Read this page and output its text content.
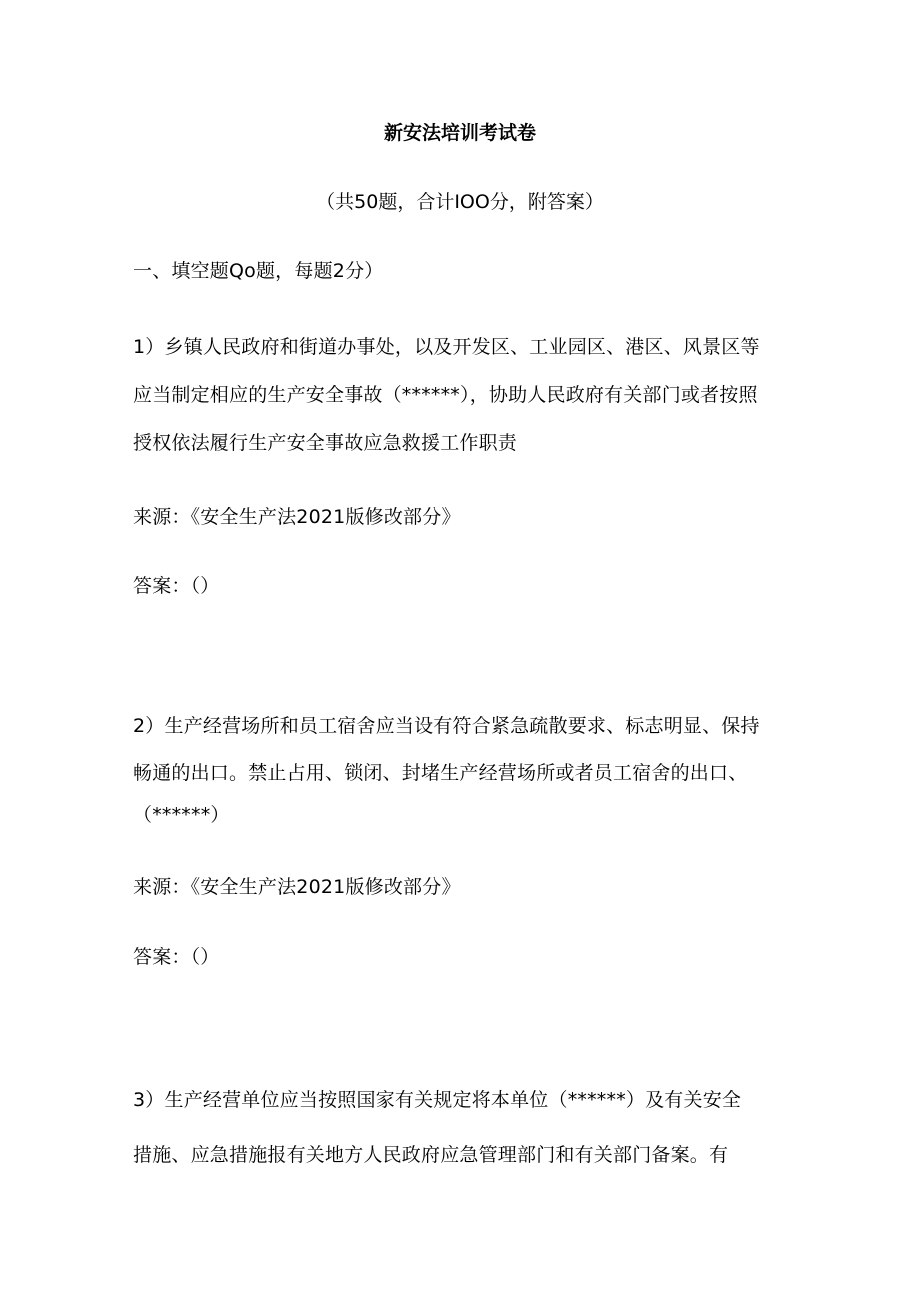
新安法培训考试卷
（共50题，合计IOO分，附答案）
一、填空题Qo题，每题2分）
1）乡镇人民政府和街道办事处，以及开发区、工业园区、港区、风景区等
应当制定相应的生产安全事故（******），协助人民政府有关部门或者按照
授权依法履行生产安全事故应急救援工作职责
来源：《安全生产法2021版修改部分》
答案：（）
2）生产经营场所和员工宿舍应当设有符合紧急疏散要求、标志明显、保持
畅通的出口。禁止占用、锁闭、封堵生产经营场所或者员工宿舍的出口、
（******）
来源：《安全生产法2021版修改部分》
答案：（）
3）生产经营单位应当按照国家有关规定将本单位（******）及有关安全
措施、应急措施报有关地方人民政府应急管理部门和有关部门备案。有
